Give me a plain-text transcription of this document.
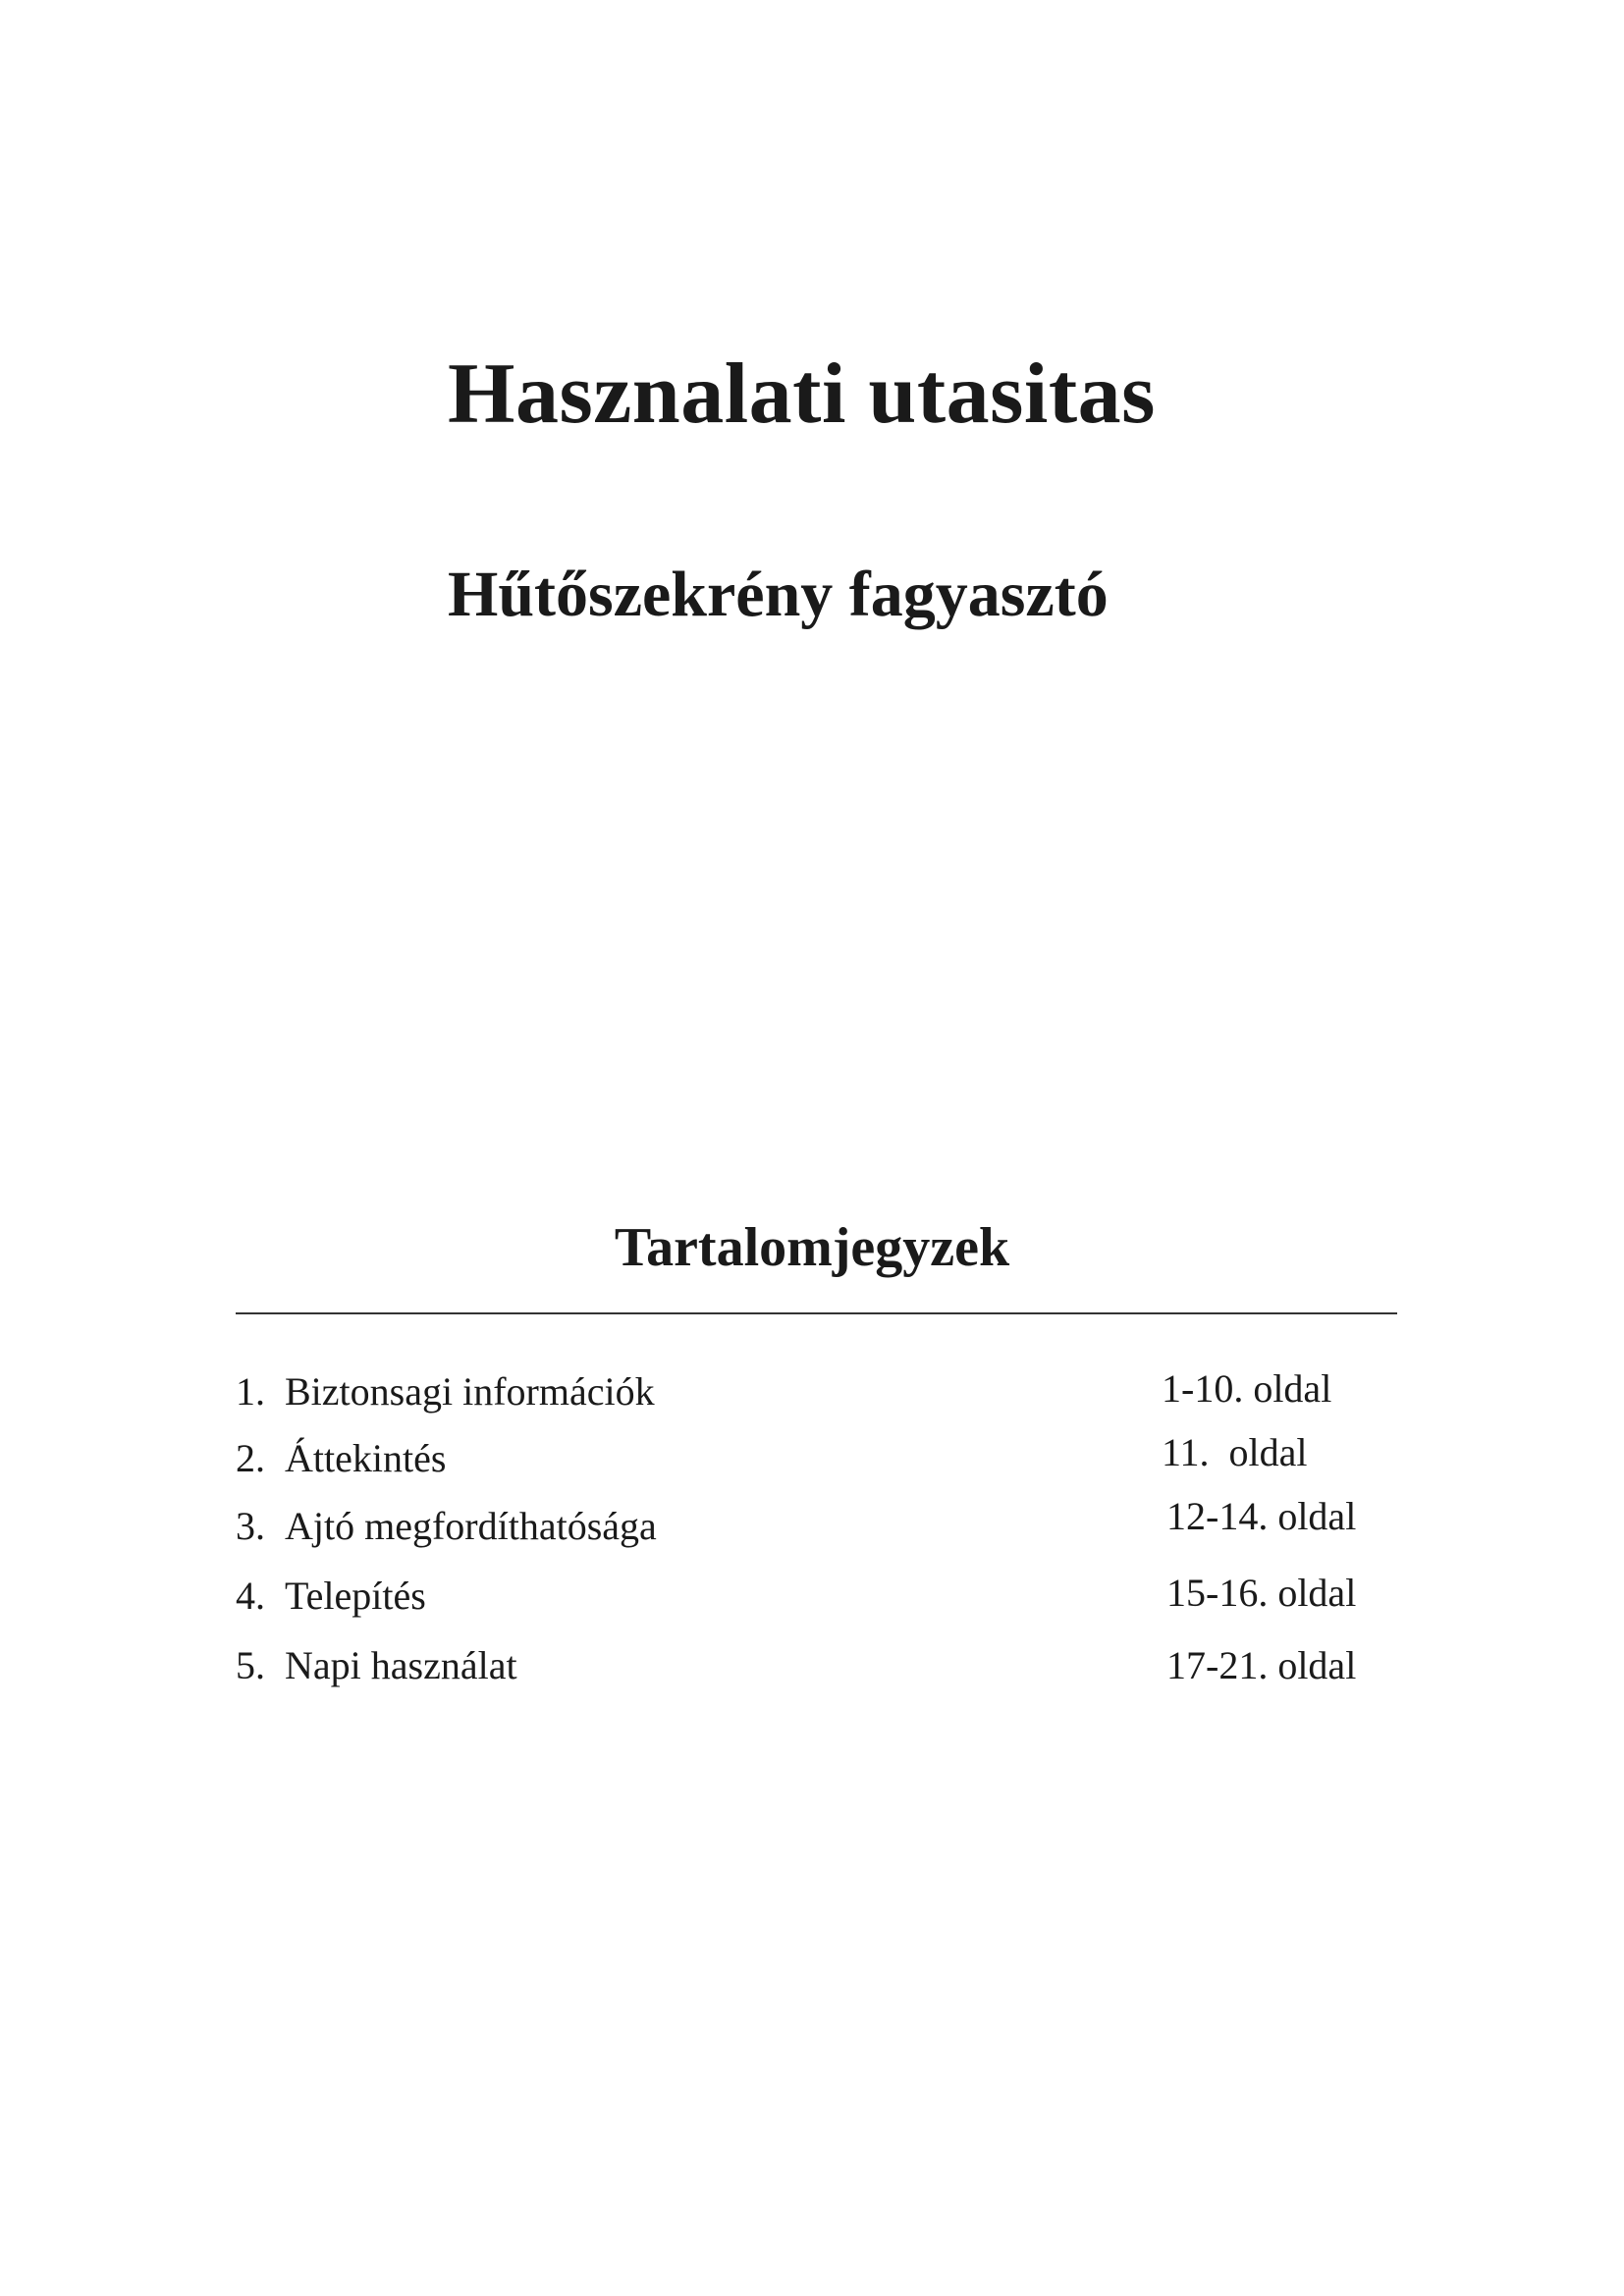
Hasznalati utasitas
Hűtőszekrény fagyasztó
Tartalomjegyzek
1. Biztonsagi információk	1-10. oldal
2. Áttekintés	11.  oldal
3. Ajtó megfordíthatósága	12-14. oldal
4. Telepítés	15-16. oldal
5. Napi használat	17-21. oldal
